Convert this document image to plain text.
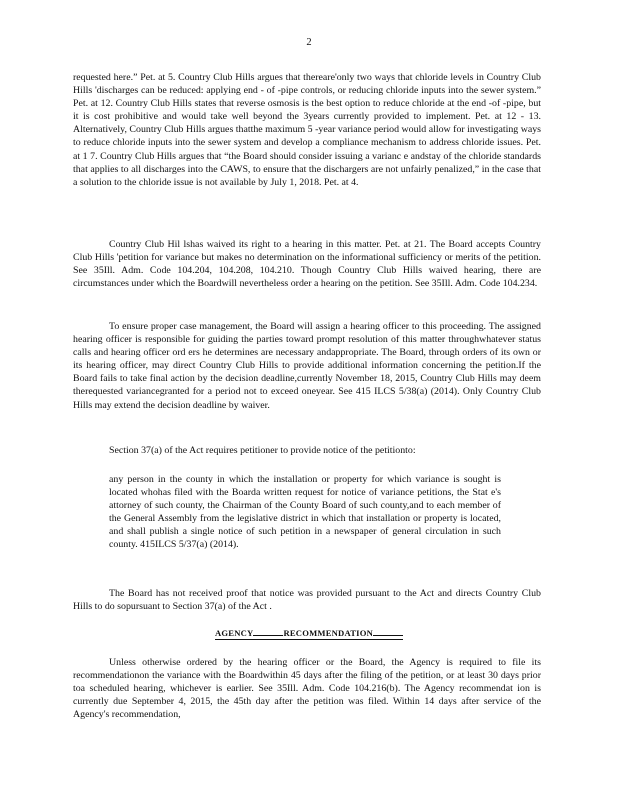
2

requested here.” Pet. at 5. Country Club Hills argues that thereare'only two ways that chloride levels in Country Club Hills 'discharges can be reduced: applying end - of -pipe controls, or reducing chloride inputs into the sewer system.” Pet. at 12. Country Club Hills states that reverse osmosis is the best option to reduce chloride at the end -of -pipe, but it is cost prohibitive and would take well beyond the 3years currently provided to implement. Pet. at 12 - 13. Alternatively, Country Club Hills argues thatthe maximum 5 -year variance period would allow for investigating ways to reduce chloride inputs into the sewer system and develop a compliance mechanism to address chloride issues. Pet. at 1 7. Country Club Hills argues that “the Board should consider issuing a varianc e andstay of the chloride standards that applies to all discharges into the CAWS, to ensure that the dischargers are not unfairly penalized,” in the case that a solution to the chloride issue is not available by July 1, 2018. Pet. at 4.

Country Club Hil lshas waived its right to a hearing in this matter. Pet. at 21. The Board accepts Country Club Hills 'petition for variance but makes no determination on the informational sufficiency or merits of the petition. See 35Ill. Adm. Code 104.204, 104.208, 104.210. Though Country Club Hills waived hearing, there are circumstances under which the Boardwill nevertheless order a hearing on the petition. See 35Ill. Adm. Code 104.234.

To ensure proper case management, the Board will assign a hearing officer to this proceeding. The assigned hearing officer is responsible for guiding the parties toward prompt resolution of this matter throughwhatever status calls and hearing officer ord ers he determines are necessary andappropriate. The Board, through orders of its own or its hearing officer, may direct Country Club Hills to provide additional information concerning the petition.If the Board fails to take final action by the decision deadline,currently November 18, 2015, Country Club Hills may deem therequested variancegranted for a period not to exceed oneyear. See 415 ILCS 5/38(a) (2014). Only Country Club Hills may extend the decision deadline by waiver.

Section 37(a) of the Act requires petitioner to provide notice of the petitionto:

any person in the county in which the installation or property for which variance is sought is located whohas filed with the Boarda written request for notice of variance petitions, the Stat e's attorney of such county, the Chairman of the County Board of such county,and to each member of the General Assembly from the legislative district in which that installation or property is located, and shall publish a single notice of such petition in a newspaper of general circulation in such county. 415ILCS 5/37(a) (2014).

The Board has not received proof that notice was provided pursuant to the Act and directs Country Club Hills to do sopursuant to Section 37(a) of the Act .

AGENCY	RECOMMENDATION

Unless otherwise ordered by the hearing officer or the Board, the Agency is required to file its recommendationon the variance with the Boardwithin 45 days after the filing of the petition, or at least 30 days prior toa scheduled hearing, whichever is earlier. See 35Ill. Adm. Code 104.216(b). The Agency recommendat ion is currently due September 4, 2015, the 45th day after the petition was filed. Within 14 days after service of the Agency's recommendation,
